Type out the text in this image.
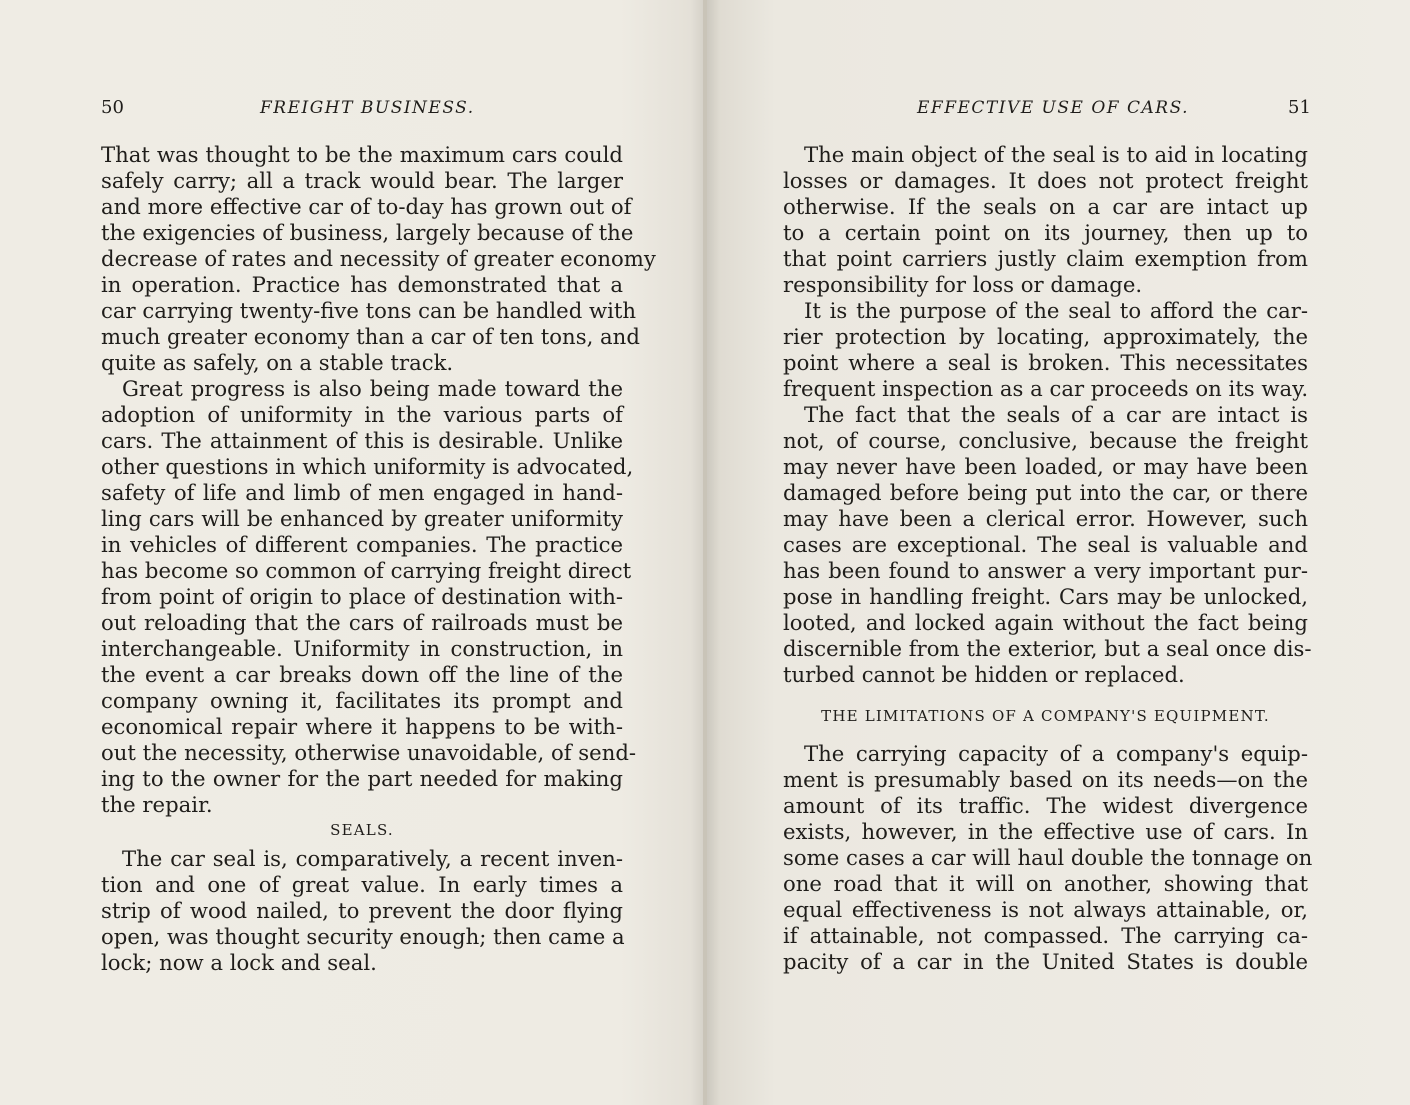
50	FREIGHT BUSINESS.
That was thought to be the maximum cars could
safely carry; all a track would bear. The larger
and more effective car of to-day has grown out of
the exigencies of business, largely because of the
decrease of rates and necessity of greater economy
in operation. Practice has demonstrated that a
car carrying twenty-five tons can be handled with
much greater economy than a car of ten tons, and
quite as safely, on a stable track.
Great progress is also being made toward the
adoption of uniformity in the various parts of
cars. The attainment of this is desirable. Unlike
other questions in which uniformity is advocated,
safety of life and limb of men engaged in hand-
ling cars will be enhanced by greater uniformity
in vehicles of different companies. The practice
has become so common of carrying freight direct
from point of origin to place of destination with-
out reloading that the cars of railroads must be
interchangeable. Uniformity in construction, in
the event a car breaks down off the line of the
company owning it, facilitates its prompt and
economical repair where it happens to be with-
out the necessity, otherwise unavoidable, of send-
ing to the owner for the part needed for making
the repair.
SEALS.
The car seal is, comparatively, a recent inven-
tion and one of great value. In early times a
strip of wood nailed, to prevent the door flying
open, was thought security enough; then came a
lock; now a lock and seal.
EFFECTIVE USE OF CARS.	51
The main object of the seal is to aid in locating
losses or damages. It does not protect freight
otherwise. If the seals on a car are intact up
to a certain point on its journey, then up to
that point carriers justly claim exemption from
responsibility for loss or damage.
It is the purpose of the seal to afford the car-
rier protection by locating, approximately, the
point where a seal is broken. This necessitates
frequent inspection as a car proceeds on its way.
The fact that the seals of a car are intact is
not, of course, conclusive, because the freight
may never have been loaded, or may have been
damaged before being put into the car, or there
may have been a clerical error. However, such
cases are exceptional. The seal is valuable and
has been found to answer a very important pur-
pose in handling freight. Cars may be unlocked,
looted, and locked again without the fact being
discernible from the exterior, but a seal once dis-
turbed cannot be hidden or replaced.
THE LIMITATIONS OF A COMPANY'S EQUIPMENT.
The carrying capacity of a company's equip-
ment is presumably based on its needs—on the
amount of its traffic. The widest divergence
exists, however, in the effective use of cars. In
some cases a car will haul double the tonnage on
one road that it will on another, showing that
equal effectiveness is not always attainable, or,
if attainable, not compassed. The carrying ca-
pacity of a car in the United States is double
